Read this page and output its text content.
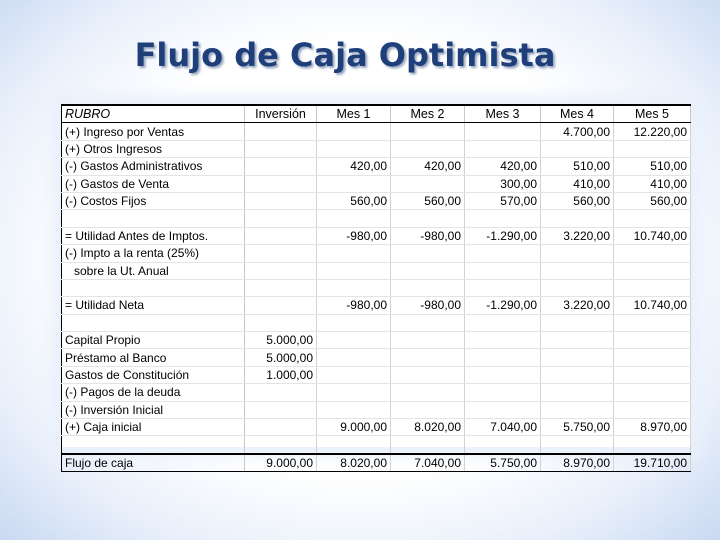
Flujo de Caja Optimista
RUBRO	Inversión	Mes 1	Mes 2	Mes 3	Mes 4	Mes 5
(+) Ingreso por Ventas					4.700,00	12.220,00
(+) Otros Ingresos						
(-) Gastos Administrativos		420,00	420,00	420,00	510,00	510,00
(-) Gastos de Venta				300,00	410,00	410,00
(-) Costos Fijos		560,00	560,00	570,00	560,00	560,00

= Utilidad Antes de Imptos.		-980,00	-980,00	-1.290,00	3.220,00	10.740,00
(-) Impto a la renta (25%)						
sobre la Ut. Anual						

= Utilidad Neta		-980,00	-980,00	-1.290,00	3.220,00	10.740,00

Capital Propio	5.000,00					
Préstamo al Banco	5.000,00					
Gastos de Constitución	1.000,00					
(-) Pagos de la deuda						
(-) Inversión Inicial						
(+) Caja inicial		9.000,00	8.020,00	7.040,00	5.750,00	8.970,00

Flujo de caja	9.000,00	8.020,00	7.040,00	5.750,00	8.970,00	19.710,00
